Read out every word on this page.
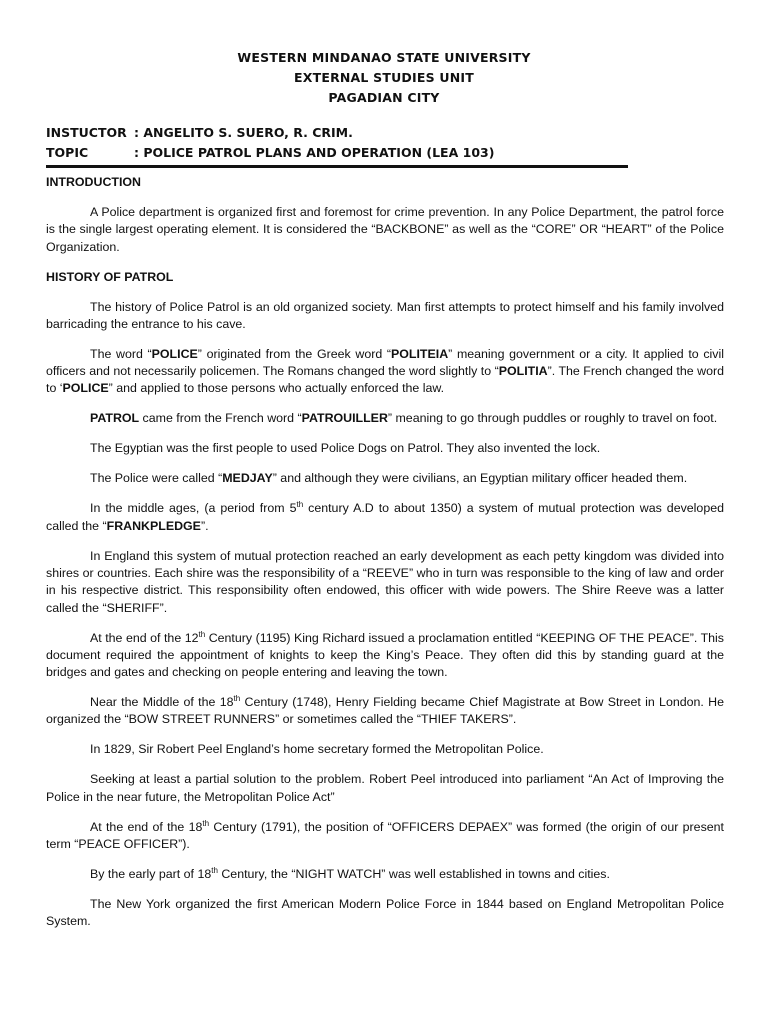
WESTERN MINDANAO STATE UNIVERSITY
EXTERNAL STUDIES UNIT
PAGADIAN CITY
INSTUCTOR : ANGELITO S. SUERO, R. CRIM.
TOPIC	: POLICE PATROL PLANS AND OPERATION (LEA 103)
INTRODUCTION
A Police department is organized first and foremost for crime prevention. In any Police Department, the patrol force is the single largest operating element. It is considered the “BACKBONE” as well as the “CORE” OR “HEART” of the Police Organization.
HISTORY OF PATROL
The history of Police Patrol is an old organized society. Man first attempts to protect himself and his family involved barricading the entrance to his cave.
The word “POLICE” originated from the Greek word “POLITEIA” meaning government or a city. It applied to civil officers and not necessarily policemen. The Romans changed the word slightly to “POLITIA”. The French changed the word to ‘POLICE” and applied to those persons who actually enforced the law.
PATROL came from the French word “PATROUILLER” meaning to go through puddles or roughly to travel on foot.
The Egyptian was the first people to used Police Dogs on Patrol. They also invented the lock.
The Police were called “MEDJAY” and although they were civilians, an Egyptian military officer headed them.
In the middle ages, (a period from 5th century A.D to about 1350) a system of mutual protection was developed called the “FRANKPLEDGE”.
In England this system of mutual protection reached an early development as each petty kingdom was divided into shires or countries. Each shire was the responsibility of a “REEVE” who in turn was responsible to the king of law and order in his respective district. This responsibility often endowed, this officer with wide powers. The Shire Reeve was a latter called the “SHERIFF”.
At the end of the 12th Century (1195) King Richard issued a proclamation entitled “KEEPING OF THE PEACE”. This document required the appointment of knights to keep the King’s Peace. They often did this by standing guard at the bridges and gates and checking on people entering and leaving the town.
Near the Middle of the 18th Century (1748), Henry Fielding became Chief Magistrate at Bow Street in London. He organized the “BOW STREET RUNNERS” or sometimes called the “THIEF TAKERS”.
In 1829, Sir Robert Peel England’s home secretary formed the Metropolitan Police.
Seeking at least a partial solution to the problem. Robert Peel introduced into parliament “An Act of Improving the Police in the near future, the Metropolitan Police Act”
At the end of the 18th Century (1791), the position of “OFFICERS DEPAEX” was formed (the origin of our present term “PEACE OFFICER”).
By the early part of 18th Century, the “NIGHT WATCH” was well established in towns and cities.
The New York organized the first American Modern Police Force in 1844 based on England Metropolitan Police System.
